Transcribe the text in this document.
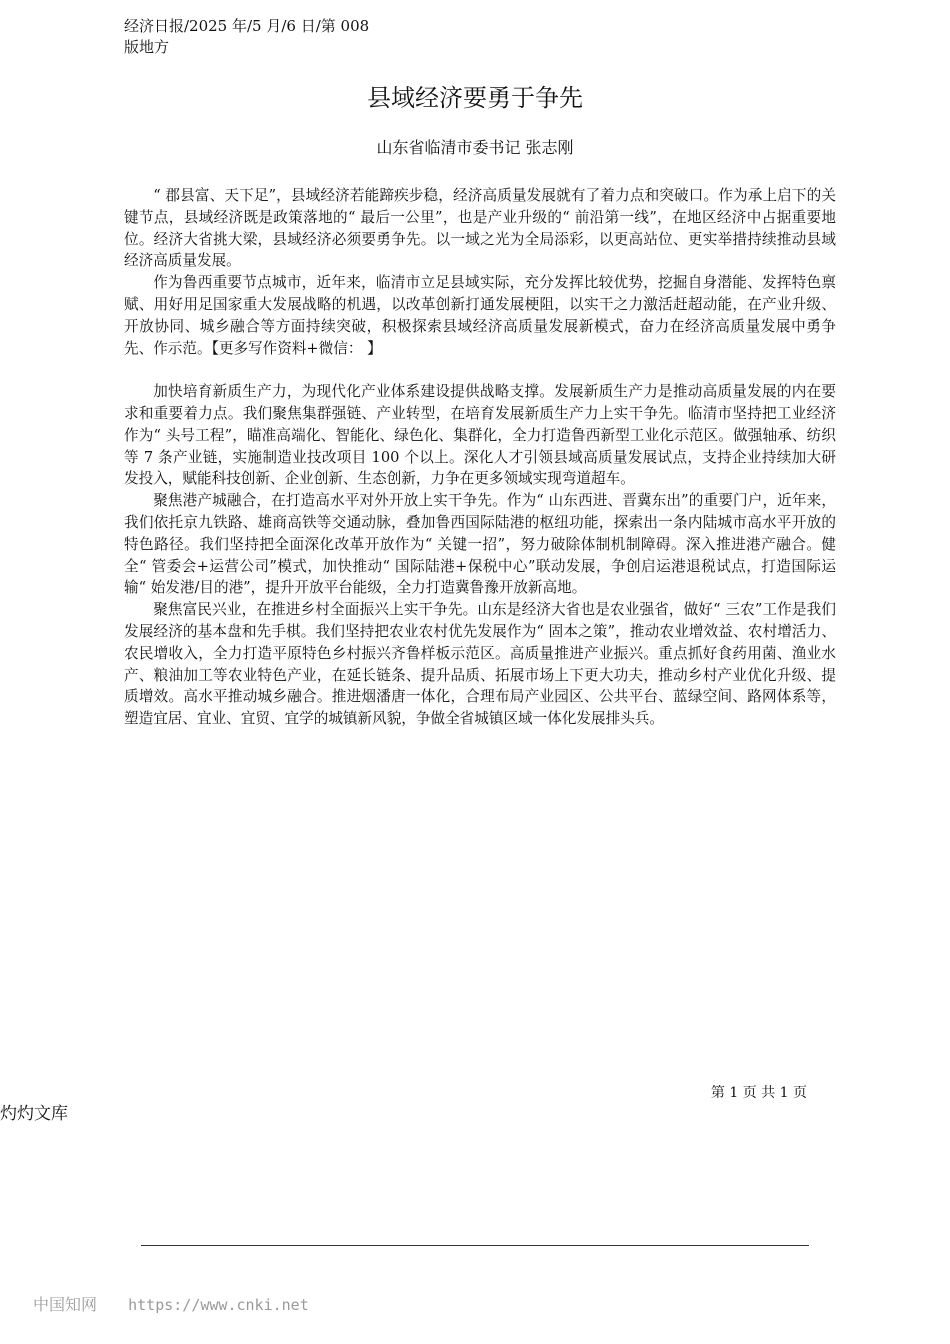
经济日报/2025 年/5 月/6 日/第 008
版地方
县域经济要勇于争先
山东省临清市委书记 张志刚

“ 郡县富、天下足”，县域经济若能蹄疾步稳，经济高质量发展就有了着力点和突破口。作为承上启下的关键节点，县域经济既是政策落地的“ 最后一公里”，也是产业升级的“ 前沿第一线”，在地区经济中占据重要地位。经济大省挑大梁，县域经济必须要勇争先。以一域之光为全局添彩，以更高站位、更实举措持续推动县域经济高质量发展。

作为鲁西重要节点城市，近年来，临清市立足县域实际，充分发挥比较优势，挖掘自身潜能、发挥特色禀赋、用好用足国家重大发展战略的机遇，以改革创新打通发展梗阻，以实干之力激活赶超动能，在产业升级、开放协同、城乡融合等方面持续突破，积极探索县域经济高质量发展新模式，奋力在经济高质量发展中勇争先、作示范。【更多写作资料+微信： 】

加快培育新质生产力，为现代化产业体系建设提供战略支撑。发展新质生产力是推动高质量发展的内在要求和重要着力点。我们聚焦集群强链、产业转型，在培育发展新质生产力上实干争先。临清市坚持把工业经济作为“ 头号工程”，瞄准高端化、智能化、绿色化、集群化，全力打造鲁西新型工业化示范区。做强轴承、纺织等 7 条产业链，实施制造业技改项目 100 个以上。深化人才引领县域高质量发展试点，支持企业持续加大研发投入，赋能科技创新、企业创新、生态创新，力争在更多领域实现弯道超车。

聚焦港产城融合，在打造高水平对外开放上实干争先。作为“ 山东西进、晋冀东出”的重要门户，近年来，我们依托京九铁路、雄商高铁等交通动脉，叠加鲁西国际陆港的枢纽功能，探索出一条内陆城市高水平开放的特色路径。我们坚持把全面深化改革开放作为“ 关键一招”，努力破除体制机制障碍。深入推进港产融合。健全“ 管委会+运营公司”模式，加快推动“ 国际陆港+保税中心”联动发展，争创启运港退税试点，打造国际运输“ 始发港/目的港”，提升开放平台能级，全力打造冀鲁豫开放新高地。

聚焦富民兴业，在推进乡村全面振兴上实干争先。山东是经济大省也是农业强省，做好“ 三农”工作是我们发展经济的基本盘和先手棋。我们坚持把农业农村优先发展作为“ 固本之策”，推动农业增效益、农村增活力、农民增收入，全力打造平原特色乡村振兴齐鲁样板示范区。高质量推进产业振兴。重点抓好食药用菌、渔业水产、粮油加工等农业特色产业，在延长链条、提升品质、拓展市场上下更大功夫，推动乡村产业优化升级、提质增效。高水平推动城乡融合。推进烟潘唐一体化，合理布局产业园区、公共平台、蓝绿空间、路网体系等，塑造宜居、宜业、宜贸、宜学的城镇新风貌，争做全省城镇区域一体化发展排头兵。

第 1 页 共 1 页
灼灼文库
中国知网 https://www.cnki.net
